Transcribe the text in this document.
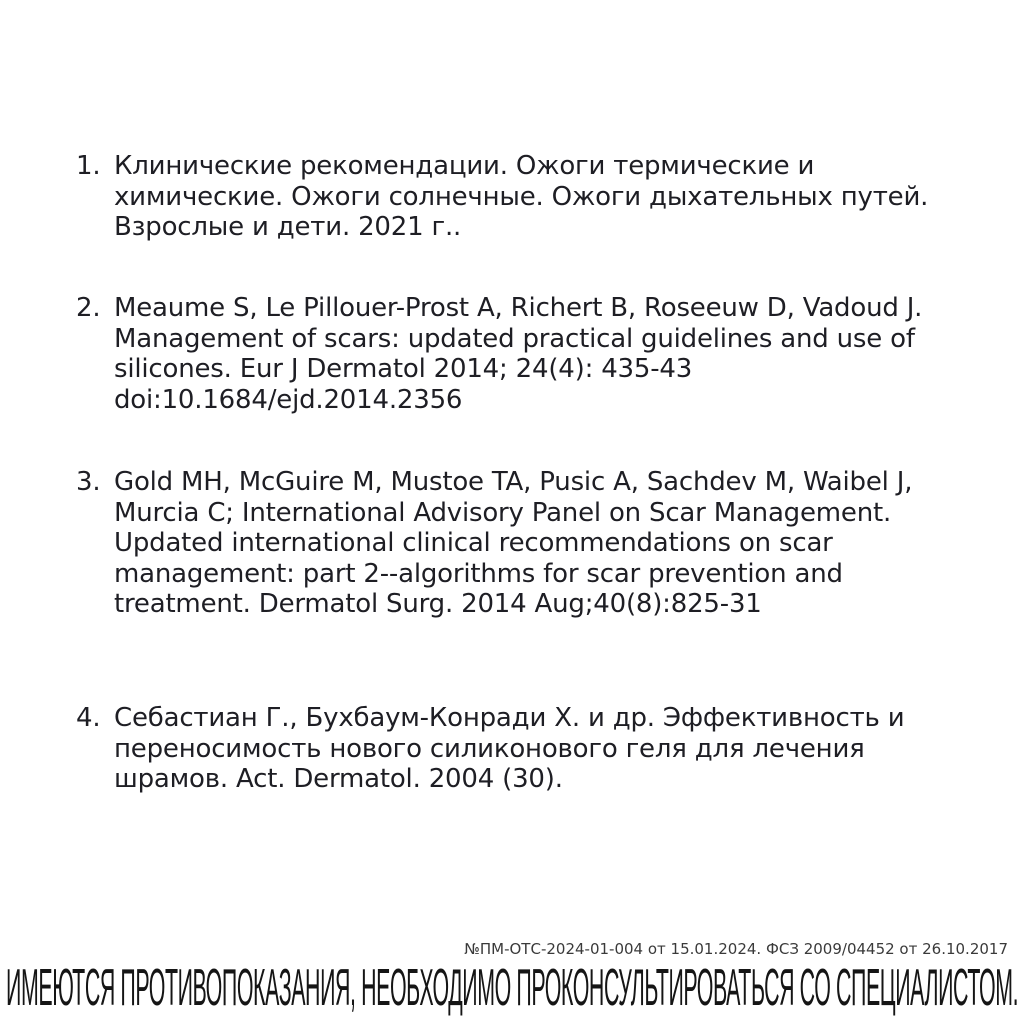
1. Клинические рекомендации. Ожоги термические и химические. Ожоги солнечные. Ожоги дыхательных путей. Взрослые и дети. 2021 г..
2. Meaume S, Le Pillouer-Prost A, Richert B, Roseeuw D, Vadoud J. Management of scars: updated practical guidelines and use of silicones. Eur J Dermatol 2014; 24(4): 435-43 doi:10.1684/ejd.2014.2356
3. Gold MH, McGuire M, Mustoe TA, Pusic A, Sachdev M, Waibel J, Murcia C; International Advisory Panel on Scar Management. Updated international clinical recommendations on scar management: part 2--algorithms for scar prevention and treatment. Dermatol Surg. 2014 Aug;40(8):825-31
4. Себастиан Г., Бухбаум-Конради Х. и др. Эффективность и переносимость нового силиконового геля для лечения шрамов. Act. Dermatol. 2004 (30).
№ПМ-ОТС-2024-01-004 от 15.01.2024. ФСЗ 2009/04452 от 26.10.2017
ИМЕЮТСЯ ПРОТИВОПОКАЗАНИЯ, НЕОБХОДИМО ПРОКОНСУЛЬТИРОВАТЬСЯ СО СПЕЦИАЛИСТОМ.
